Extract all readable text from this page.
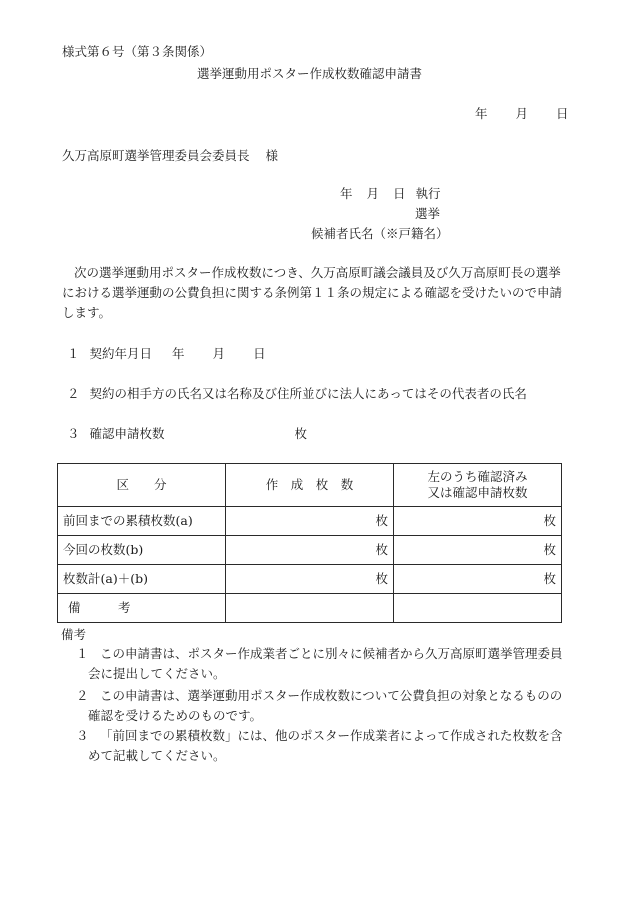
様式第６号（第３条関係）
選挙運動用ポスター作成枚数確認申請書
年 月 日
久万高原町選挙管理委員会委員長 様
年 月 日 執行
選挙
候補者氏名（※戸籍名）
次の選挙運動用ポスター作成枚数につき、久万高原町議会議員及び久万高原町長の選挙における選挙運動の公費負担に関する条例第１１条の規定による確認を受けたいので申請します。
１ 契約年月日 年 月 日
２ 契約の相手方の氏名又は名称及び住所並びに法人にあってはその代表者の氏名
３ 確認申請枚数	枚
区　　分	作　成　枚　数	左のうち確認済み
又は確認申請枚数

前回までの累積枚数(a)	枚	枚
今回の枚数(b)	枚	枚
枚数計(a)＋(b)	枚	枚
備　　　考		
備考
１ この申請書は、ポスター作成業者ごとに別々に候補者から久万高原町選挙管理委員会に提出してください。
２ この申請書は、選挙運動用ポスター作成枚数について公費負担の対象となるものの確認を受けるためのものです。
３ 「前回までの累積枚数」には、他のポスター作成業者によって作成された枚数を含めて記載してください。
